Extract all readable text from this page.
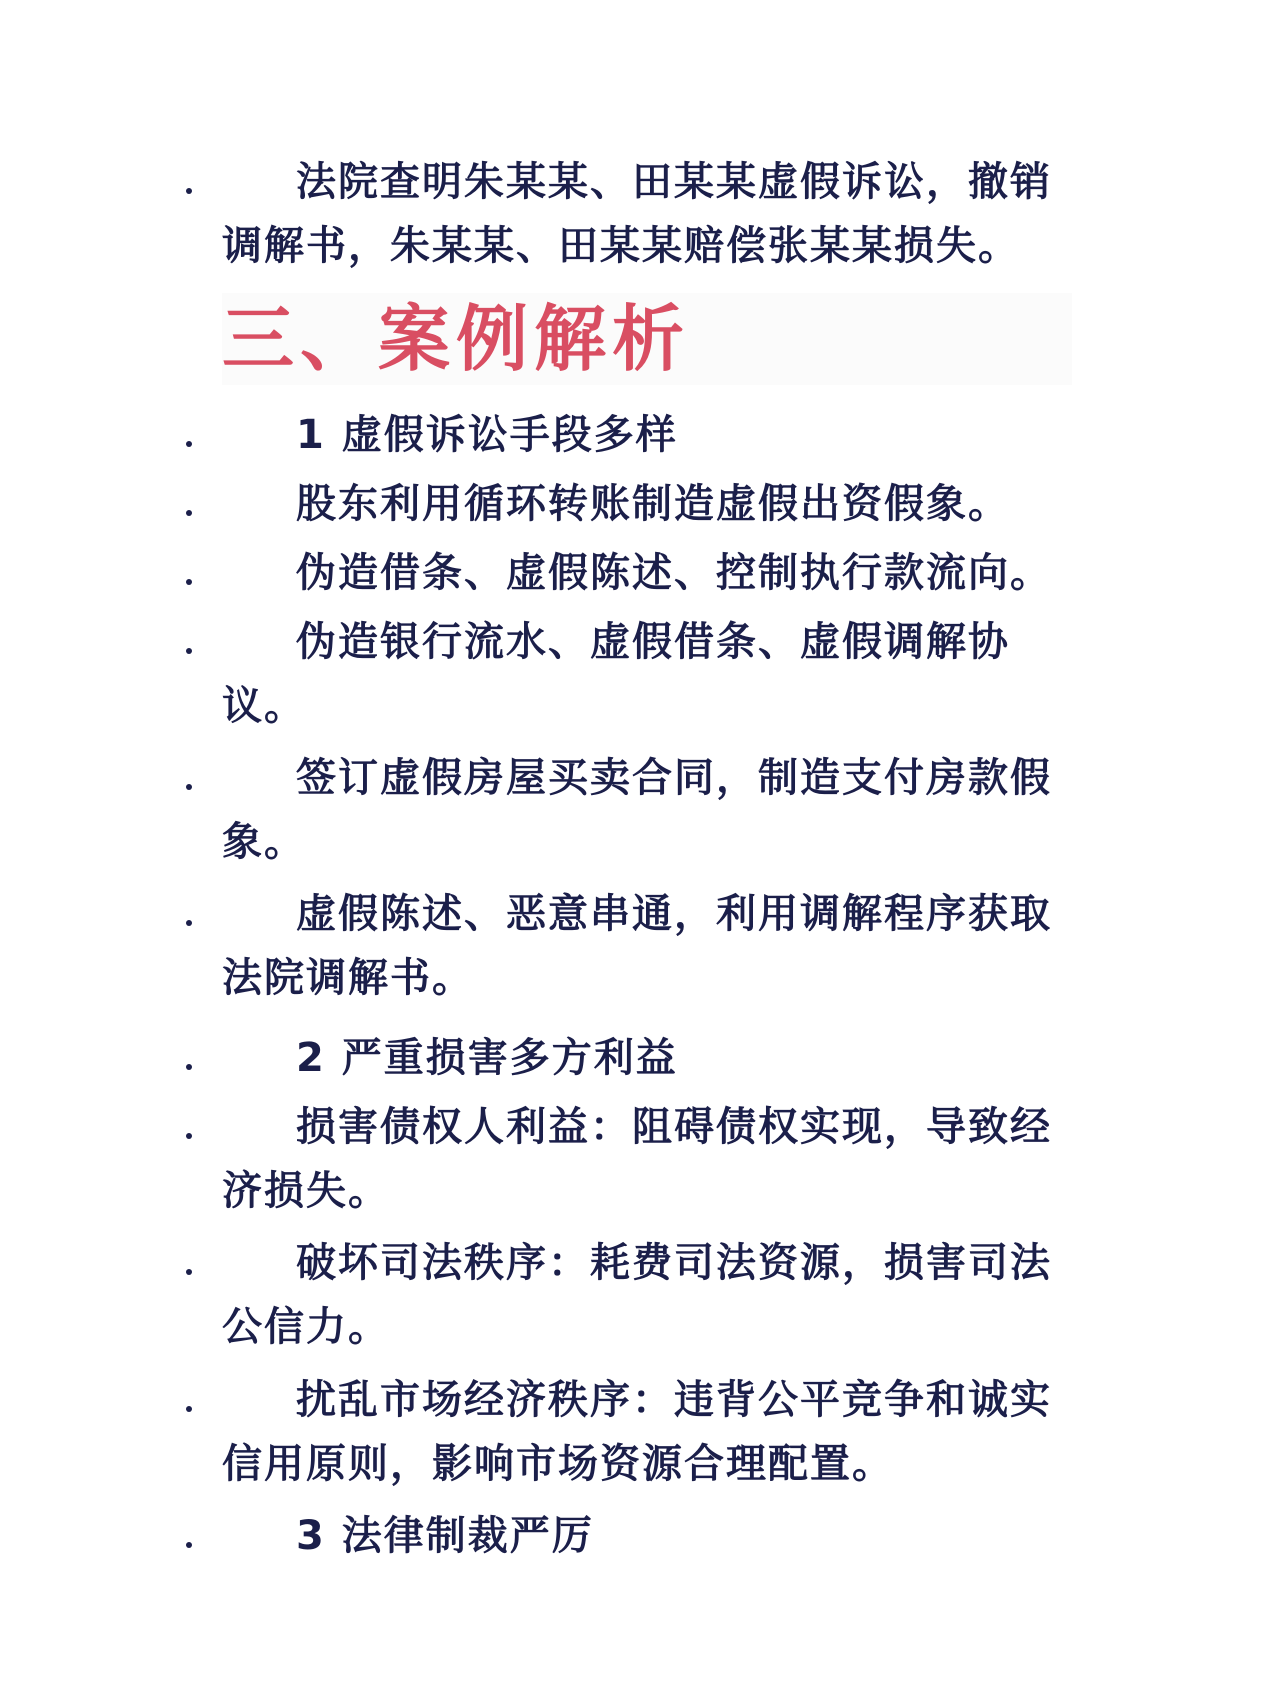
法院查明朱某某、田某某虚假诉讼，撤销调解书，朱某某、田某某赔偿张某某损失。
三、案例解析
1 虚假诉讼手段多样
股东利用循环转账制造虚假出资假象。
伪造借条、虚假陈述、控制执行款流向。
伪造银行流水、虚假借条、虚假调解协议。
签订虚假房屋买卖合同，制造支付房款假象。
虚假陈述、恶意串通，利用调解程序获取法院调解书。
2 严重损害多方利益
损害债权人利益：阻碍债权实现，导致经济损失。
破坏司法秩序：耗费司法资源，损害司法公信力。
扰乱市场经济秩序：违背公平竞争和诚实信用原则，影响市场资源合理配置。
3 法律制裁严厉
